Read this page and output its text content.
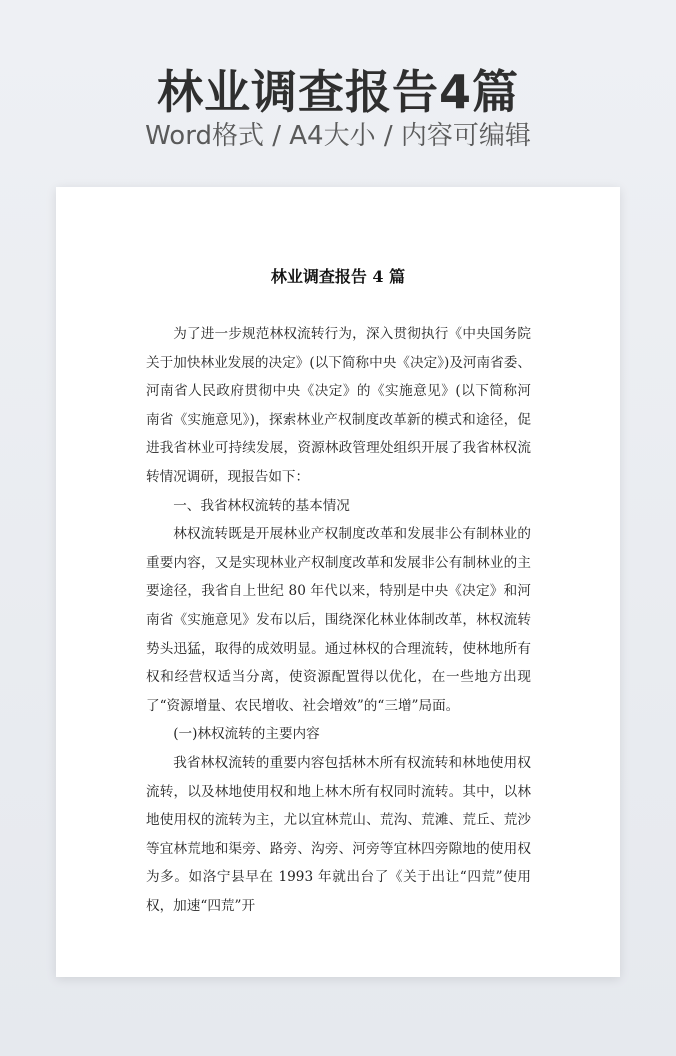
林业调查报告4篇
Word格式 / A4大小 / 内容可编辑
林业调查报告 4 篇

为了进一步规范林权流转行为，深入贯彻执行《中央国务院关于加快林业发展的决定》(以下简称中央《决定》)及河南省委、河南省人民政府贯彻中央《决定》的《实施意见》(以下简称河南省《实施意见》)，探索林业产权制度改革新的模式和途径，促进我省林业可持续发展，资源林政管理处组织开展了我省林权流转情况调研，现报告如下：

一、我省林权流转的基本情况

林权流转既是开展林业产权制度改革和发展非公有制林业的重要内容，又是实现林业产权制度改革和发展非公有制林业的主要途径，我省自上世纪 80 年代以来，特别是中央《决定》和河南省《实施意见》发布以后，围绕深化林业体制改革，林权流转势头迅猛，取得的成效明显。通过林权的合理流转，使林地所有权和经营权适当分离，使资源配置得以优化，在一些地方出现了“资源增量、农民增收、社会增效”的“三增”局面。

(一)林权流转的主要内容

我省林权流转的重要内容包括林木所有权流转和林地使用权流转，以及林地使用权和地上林木所有权同时流转。其中，以林地使用权的流转为主，尤以宜林荒山、荒沟、荒滩、荒丘、荒沙等宜林荒地和渠旁、路旁、沟旁、河旁等宜林四旁隙地的使用权为多。如洛宁县早在 1993 年就出台了《关于出让“四荒”使用权，加速“四荒”开
